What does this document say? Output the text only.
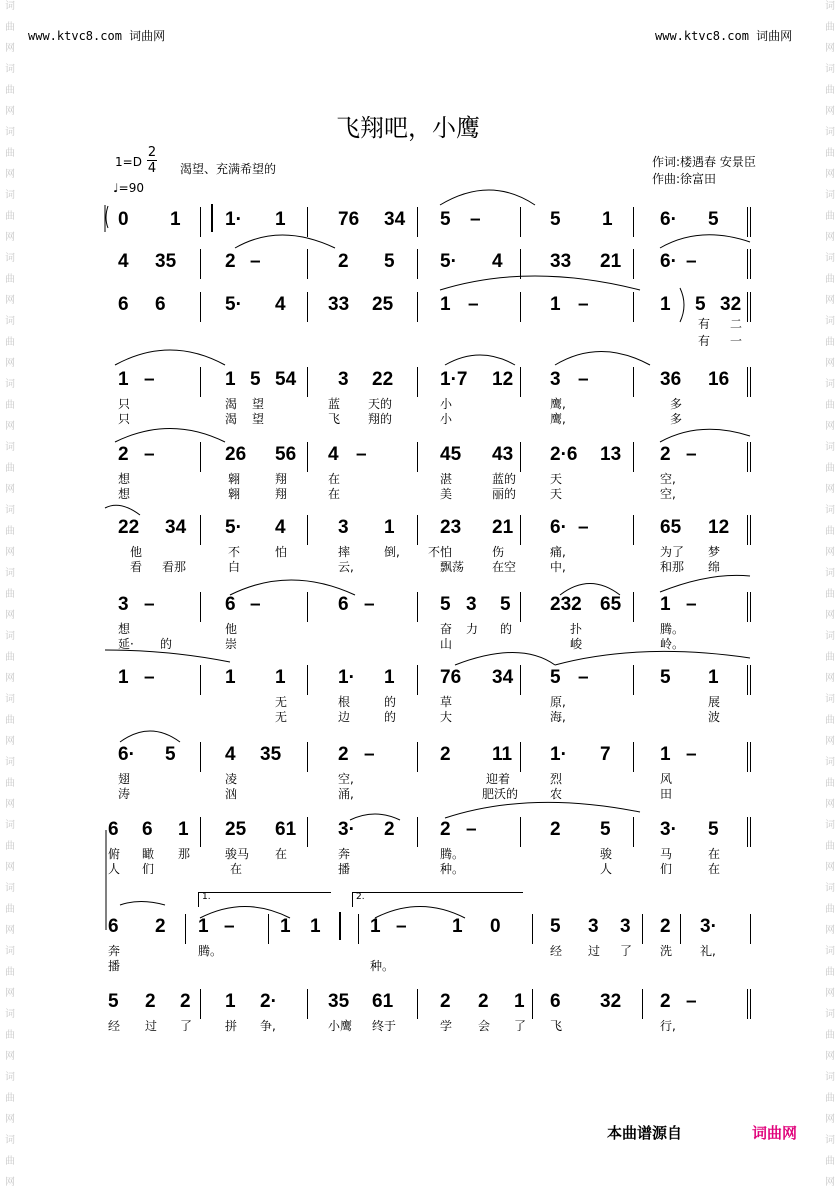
词
曲
网
词
曲
网
词
曲
网
词
曲
网
词
曲
网
词
曲
网
词
曲
网
词
曲
网
词
曲
网
词
曲
网
词
曲
网
词
曲
网
词
曲
网
词
曲
网
词
曲
网
词
曲
网
词
曲
网
词
曲
网
词
曲
网
词
曲
网
词
曲
网
词
曲
网
词
曲
网
词
曲
网
词
曲
网
词
曲
网
词
曲
网
词
曲
网
词
曲
网
词
曲
网
词
曲
网
词
曲
网
词
曲
网
词
曲
网
词
曲
网
词
曲
网
词
曲
网
词
曲
网
www.ktvc8.com 词曲网	www.ktvc8.com 词曲网
飞翔吧，小鹰
1=D
2
4 渴望、充满希望的
♩=90
作词:楼遇春 安景臣
作曲:徐富田
0 1 1· 1	76 34 5 –	5 1 6· 5
4 35	2 –	2 5 5· 4 33 21 6· –
6 6	5· 4 33 25 1 –	1 –	1 5 32
有 二
有 一
1 –	1 5 54 3 22 1·7 12 3 –	36 16
只	渴 望	蓝 天的	小	鹰,	多
只	渴 望	飞 翔的	小	鹰,	多
2 –	26 56 4 –	45 43 2·6 13 2 –
想	翱	翔	在	湛	蓝的	天	空,
想	翱	翔	在	美	丽的	天	空,
22 34 5· 4	3 1 23 21 6· –	65 12
他	不	怕	摔	倒, 不怕	伤	痛,	为了 梦
看 看那	白	云,	飘荡 在空	中,	和那 绵
3 –	6 –	6 –	5 3 5 232 65 1 –
想	他	奋 力 的	扑	腾。
延· 的	崇	山	峻	岭。
1 –	1 1	1· 1 76 34 5 –	5 1
无	根	的	草	原,	展
无	边	的	大	海,	波
6· 5	4 35	2 –	2 11 1· 7	1 –
翅	凌	空,	迎着	烈	风
涛	汹	涌,	肥沃的	农	田
6 6 1 25 61 3· 2 2 –	2 5	3· 5
俯 瞰 那	骏马 在	奔	腾。	骏	马	在
人 们	在	播	种。	人	们	在
6 2 1 – 1 1	1 – 1 0	5 3 3 2 3·
奔	腾。	经 过 了 洗 礼,
播	种。
5 2 2 1 2·	35 61 2 2 1 6 32 2 –
经 过 了	拼 争,	小鹰 终于	学 会 了 飞	行,
1.	2.
本曲谱源自	词曲网
